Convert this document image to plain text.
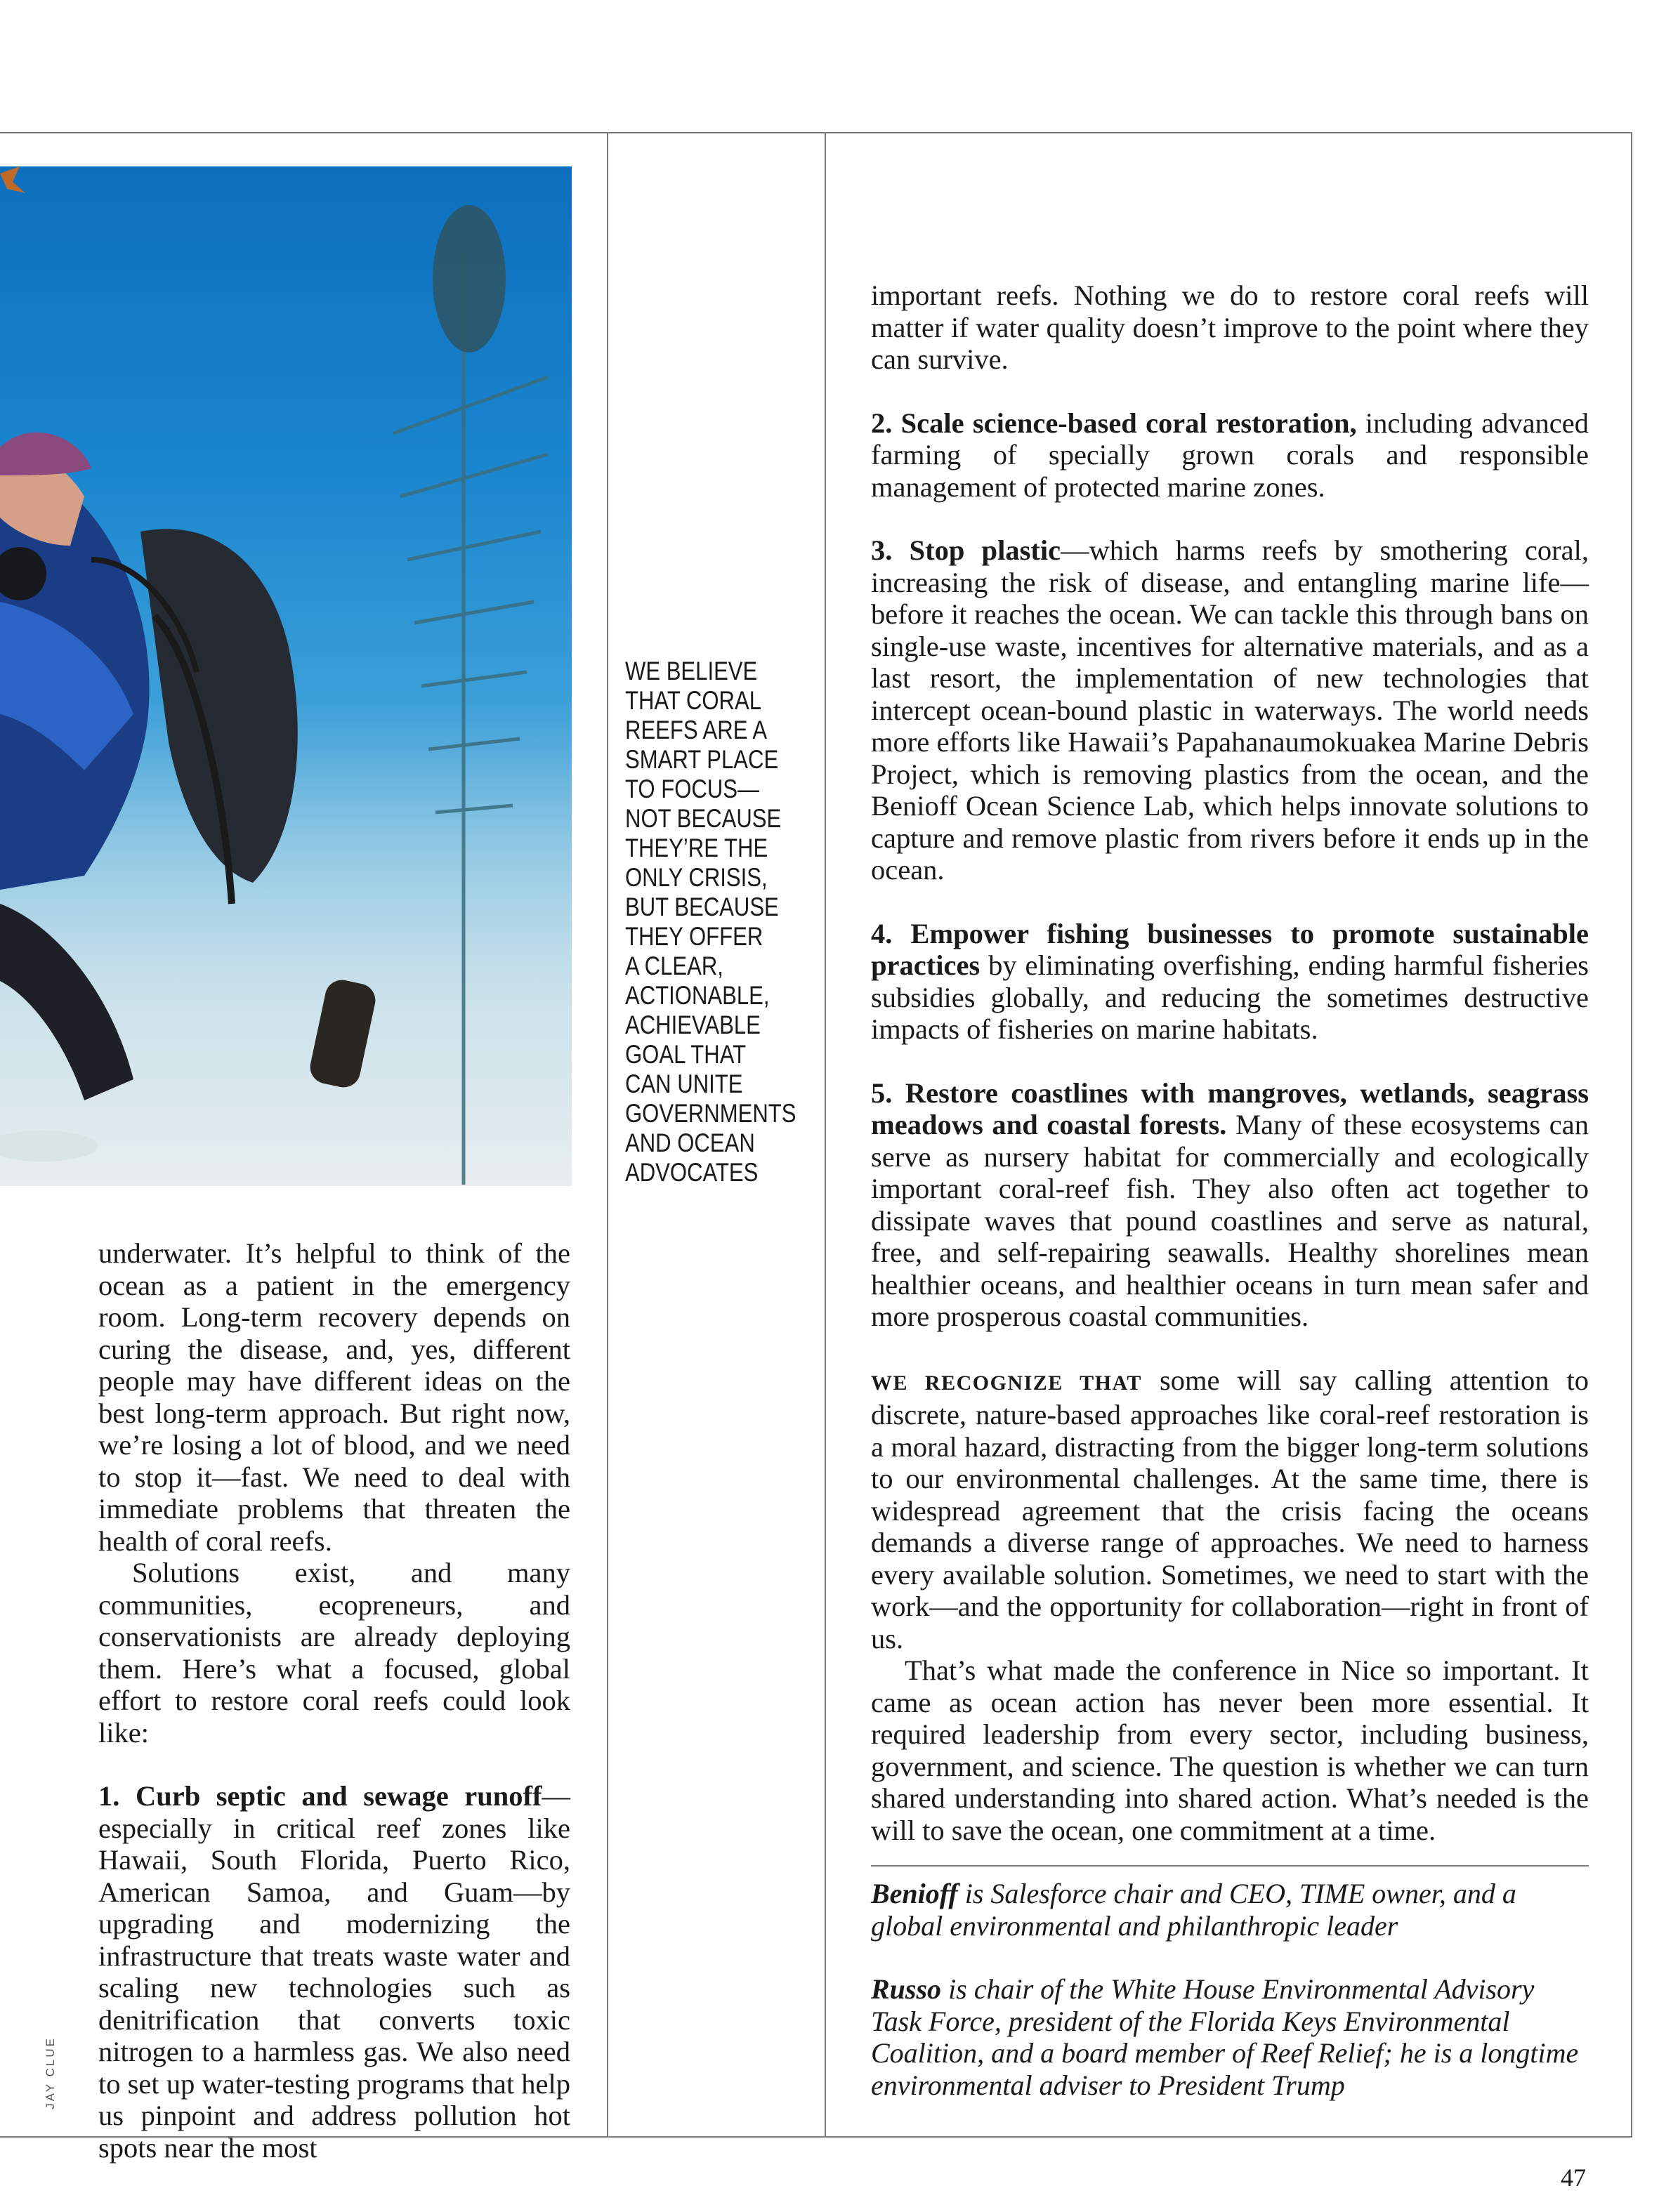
JAY CLUE

underwater. It’s helpful to think of the ocean as a patient in the emergency room. Long-term recovery depends on curing the disease, and, yes, different people may have different ideas on the best long-term approach. But right now, we’re losing a lot of blood, and we need to stop it—fast. We need to deal with immediate problems that threaten the health of coral reefs.

Solutions exist, and many communities, ecopreneurs, and conservationists are already deploying them. Here’s what a focused, global effort to restore coral reefs could look like:

1. Curb septic and sewage runoff—especially in critical reef zones like Hawaii, South Florida, Puerto Rico, American Samoa, and Guam—by upgrading and modernizing the infrastructure that treats waste water and scaling new technologies such as denitrification that converts toxic nitrogen to a harmless gas. We also need to set up water-testing programs that help us pinpoint and address pollution hot spots near the most

WE BELIEVE
THAT CORAL
REEFS ARE A
SMART PLACE
TO FOCUS—
NOT BECAUSE
THEY’RE THE
ONLY CRISIS,
BUT BECAUSE
THEY OFFER
A CLEAR,
ACTIONABLE,
ACHIEVABLE
GOAL THAT
CAN UNITE
GOVERNMENTS
AND OCEAN
ADVOCATES

important reefs. Nothing we do to restore coral reefs will matter if water quality doesn’t improve to the point where they can survive.

2. Scale science-based coral restoration, including advanced farming of specially grown corals and responsible management of protected marine zones.

3. Stop plastic—which harms reefs by smothering coral, increasing the risk of disease, and entangling marine life—before it reaches the ocean. We can tackle this through bans on single-use waste, incentives for alternative materials, and as a last resort, the implementation of new technologies that intercept ocean-bound plastic in waterways. The world needs more efforts like Hawaii’s Papahanaumokuakea Marine Debris Project, which is removing plastics from the ocean, and the Benioff Ocean Science Lab, which helps innovate solutions to capture and remove plastic from rivers before it ends up in the ocean.

4. Empower fishing businesses to promote sustainable practices by eliminating overfishing, ending harmful fisheries subsidies globally, and reducing the sometimes destructive impacts of fisheries on marine habitats.

5. Restore coastlines with mangroves, wetlands, seagrass meadows and coastal forests. Many of these ecosystems can serve as nursery habitat for commercially and ecologically important coral-reef fish. They also often act together to dissipate waves that pound coastlines and serve as natural, free, and self-repairing seawalls. Healthy shorelines mean healthier oceans, and healthier oceans in turn mean safer and more prosperous coastal communities.

WE RECOGNIZE THAT some will say calling attention to discrete, nature-based approaches like coral-reef restoration is a moral hazard, distracting from the bigger long-term solutions to our environmental challenges. At the same time, there is widespread agreement that the crisis facing the oceans demands a diverse range of approaches. We need to harness every available solution. Sometimes, we need to start with the work—and the opportunity for collaboration—right in front of us.

That’s what made the conference in Nice so important. It came as ocean action has never been more essential. It required leadership from every sector, including business, government, and science. The question is whether we can turn shared understanding into shared action. What’s needed is the will to save the ocean, one commitment at a time.

Benioff is Salesforce chair and CEO, TIME owner, and a global environmental and philanthropic leader

Russo is chair of the White House Environmental Advisory Task Force, president of the Florida Keys Environmental Coalition, and a board member of Reef Relief; he is a longtime environmental adviser to President Trump

47
